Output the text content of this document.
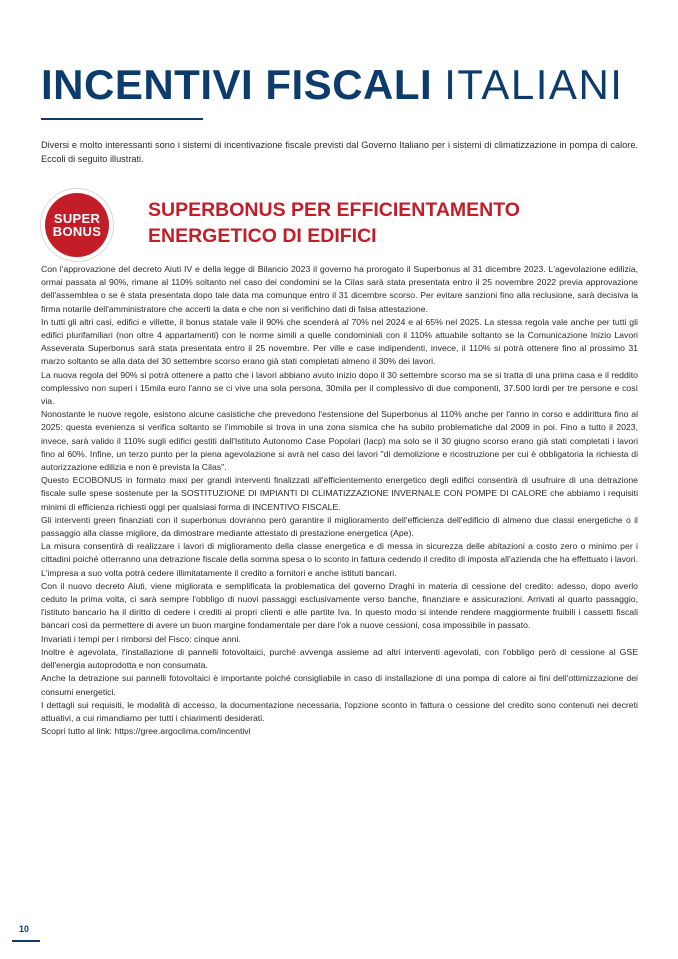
INCENTIVI FISCALI ITALIANI

Diversi e molto interessanti sono i sistemi di incentivazione fiscale previsti dal Governo Italiano per i sistemi di climatizzazione in pompa di calore. Eccoli di seguito illustrati.

SUPER
BONUS
SUPERBONUS PER EFFICIENTAMENTO ENERGETICO DI EDIFICI

Con l'approvazione del decreto Aiuti IV e della legge di Bilancio 2023 il governo ha prorogato il Superbonus al 31 dicembre 2023. L'agevolazione edilizia, ormai passata al 90%, rimane al 110% soltanto nel caso dei condomini se la Cilas sarà stata presentata entro il 25 novembre 2022 previa approvazione dell'assemblea o se è stata presentata dopo tale data ma comunque entro il 31 dicembre scorso. Per evitare sanzioni fino alla reclusione, sarà decisiva la firma notarile dell'amministratore che accerti la data e che non si verifichino dati di falsa attestazione.

In tutti gli altri casi, edifici e villette, il bonus statale vale il 90% che scenderà al 70% nel 2024 e al 65% nel 2025. La stessa regola vale anche per tutti gli edifici plurifamiliari (non oltre 4 appartamenti) con le norme simili a quelle condominiali con il 110% attuabile soltanto se la Comunicazione Inizio Lavori Asseverata Superbonus sarà stata presentata entro il 25 novembre. Per ville e case indipendenti, invece, il 110% si potrà ottenere fino al prossimo 31 marzo soltanto se alla data del 30 settembre scorso erano già stati completati almeno il 30% dei lavori.

La nuova regola del 90% si potrà ottenere a patto che i lavori abbiano avuto inizio dopo il 30 settembre scorso ma se si tratta di una prima casa e il reddito complessivo non superi i 15mila euro l'anno se ci vive una sola persona, 30mila per il complessivo di due componenti, 37.500 lordi per tre persone e così via.

Nonostante le nuove regole, esistono alcune casistiche che prevedono l'estensione del Superbonus al 110% anche per l'anno in corso e addirittura fino al 2025: questa evenienza si verifica soltanto se l'immobile si trova in una zona sismica che ha subito problematiche dal 2009 in poi. Fino a tutto il 2023, invece, sarà valido il 110% sugli edifici gestiti dall'Istituto Autonomo Case Popolari (Iacp) ma solo se il 30 giugno scorso erano già stati completati i lavori fino al 60%. Infine, un terzo punto per la piena agevolazione si avrà nel caso dei lavori "di demolizione e ricostruzione per cui è obbligatoria la richiesta di autorizzazione edilizia e non è prevista la Cilas".

Questo ECOBONUS in formato maxi per grandi interventi finalizzati all'efficientemento energetico degli edifici consentirà di usufruire di una detrazione fiscale sulle spese sostenute per la SOSTITUZIONE DI IMPIANTI DI CLIMATIZZAZIONE INVERNALE CON POMPE DI CALORE che abbiamo i requisiti minimi di efficienza richiesti oggi per qualsiasi forma di INCENTIVO FISCALE.

Gli interventi green finanziati con il superbonus dovranno però garantire il miglioramento dell'efficienza dell'edificio di almeno due classi energetiche o il passaggio alla classe migliore, da dimostrare mediante attestato di prestazione energetica (Ape).

La misura consentirà di realizzare i lavori di miglioramento della classe energetica e di messa in sicurezza delle abitazioni a costo zero o minimo per i cittadini poiché otterranno una detrazione fiscale della somma spesa o lo sconto in fattura cedendo il credito di imposta all'azienda che ha effettuato i lavori. L'impresa a suo volta potrà cedere illimitatamente il credito a fornitori e anche istituti bancari.

Con il nuovo decreto Aiuti, viene migliorata e semplificata la problematica del governo Draghi in materia di cessione del credito: adesso, dopo averlo ceduto la prima volta, ci sarà sempre l'obbligo di nuovi passaggi esclusivamente verso banche, finanziare e assicurazioni. Arrivati al quarto passaggio, l'istituto bancario ha il diritto di cedere i crediti ai propri clienti e alle partite Iva. In questo modo si intende rendere maggiormente fruibili i cassetti fiscali bancari così da permettere di avere un buon margine fondamentale per dare l'ok a nuove cessioni, cosa impossibile in passato.

Invariati i tempi per i rimborsi del Fisco: cinque anni.

Inoltre è agevolata, l'installazione di pannelli fotovoltaici, purché avvenga assieme ad altri interventi agevolati, con l'obbligo però di cessione al GSE dell'energia autoprodotta e non consumata.

Anche la detrazione sui pannelli fotovoltaici è importante poiché consigliabile in caso di installazione di una pompa di calore ai fini dell'ottimizzazione dei consumi energetici.

I dettagli sui requisiti, le modalità di accesso, la documentazione necessaria, l'opzione sconto in fattura o cessione del credito sono contenuti nei decreti attuativi, a cui rimandiamo per tutti i chiarimenti desiderati.

Scopri tutto al link: https://gree.argoclima.com/incentivi

10
